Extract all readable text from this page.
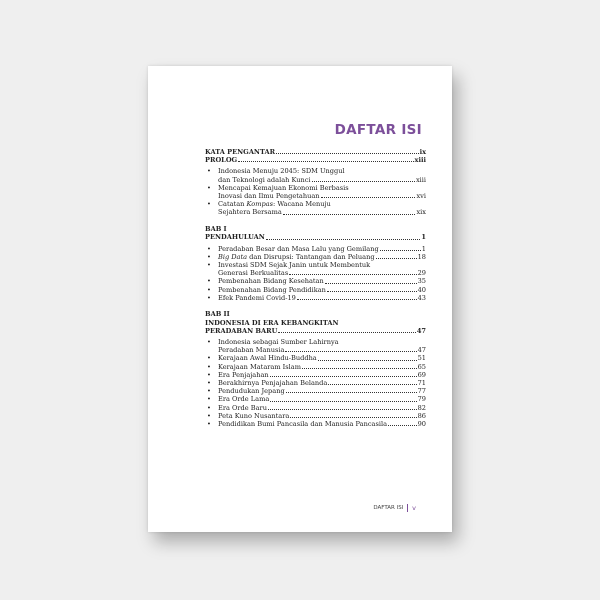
DAFTAR ISI
KATA PENGANTAR	ix
PROLOG	xiii
• Indonesia Menuju 2045: SDM Unggul
dan Teknologi adalah Kunci	xiii
• Mencapai Kemajuan Ekonomi Berbasis
Inovasi dan Ilmu Pengetahuan	xvi
• Catatan Kompas: Wacana Menuju
Sejahtera Bersama	xix
BAB I
PENDAHULUAN	1
• Peradaban Besar dan Masa Lalu yang Gemilang	1
• Big Data dan Disrupsi: Tantangan dan Peluang	18
• Investasi SDM Sejak Janin untuk Membentuk
Generasi Berkualitas	29
• Pembenahan Bidang Kesehatan	35
• Pembenahan Bidang Pendidikan	40
• Efek Pandemi Covid-19	43
BAB II
INDONESIA DI ERA KEBANGKITAN
PERADABAN BARU	47
• Indonesia sebagai Sumber Lahirnya
Peradaban Manusia	47
• Kerajaan Awal Hindu-Buddha	51
• Kerajaan Mataram Islam	65
• Era Penjajahan	69
• Berakhirnya Penjajahan Belanda	71
• Pendudukan Jepang	77
• Era Orde Lama	79
• Era Orde Baru	82
• Peta Kuno Nusantara	86
• Pendidikan Bumi Pancasila dan Manusia Pancasila	90
DAFTAR ISI v
